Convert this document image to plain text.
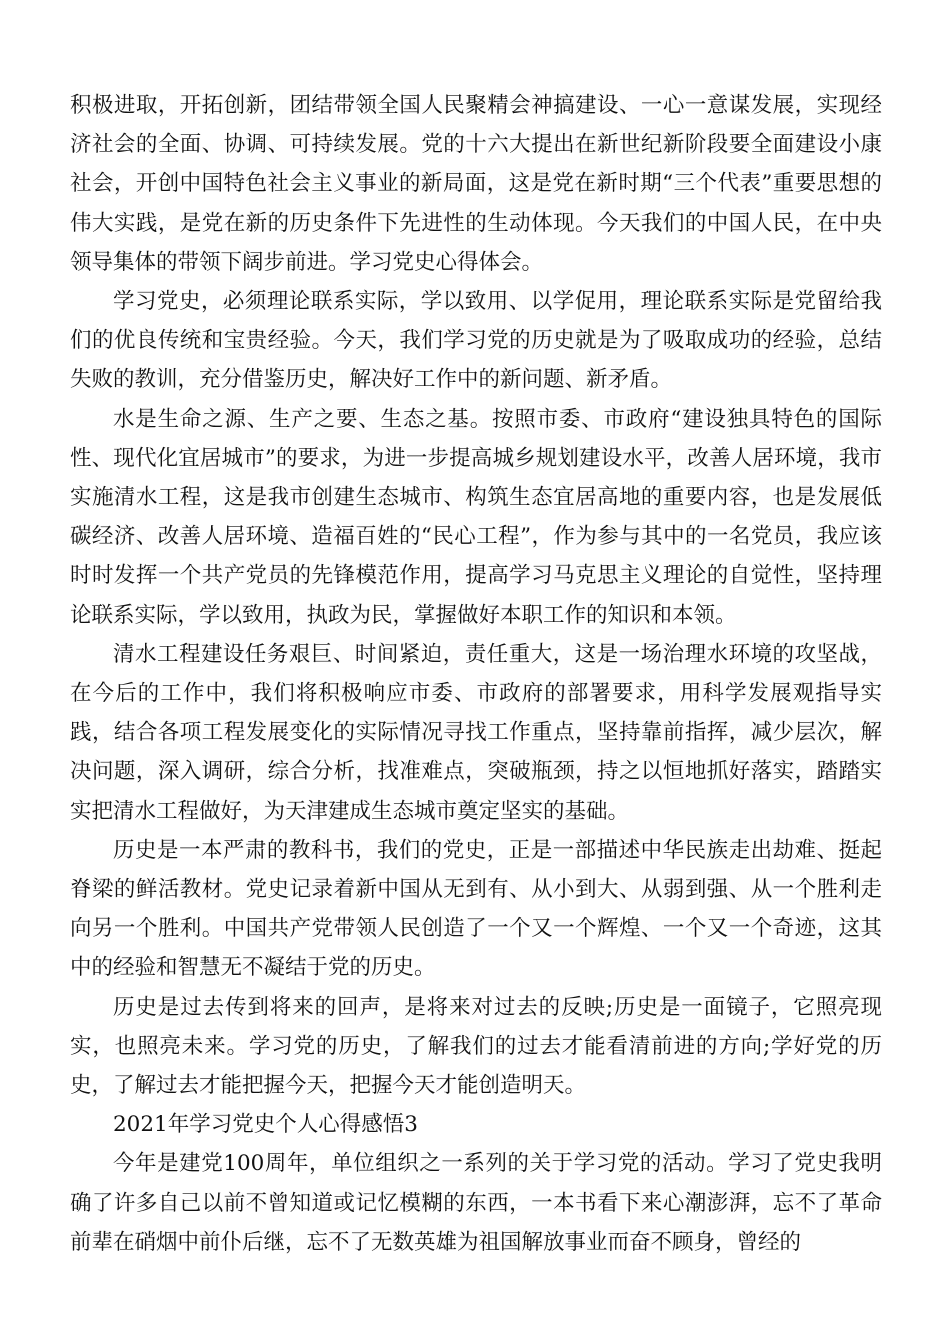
积极进取，开拓创新，团结带领全国人民聚精会神搞建设、一心一意谋发展，实现经济社会的全面、协调、可持续发展。党的十六大提出在新世纪新阶段要全面建设小康社会，开创中国特色社会主义事业的新局面，这是党在新时期“三个代表”重要思想的伟大实践，是党在新的历史条件下先进性的生动体现。今天我们的中国人民，在中央领导集体的带领下阔步前进。学习党史心得体会。

学习党史，必须理论联系实际，学以致用、以学促用，理论联系实际是党留给我们的优良传统和宝贵经验。今天，我们学习党的历史就是为了吸取成功的经验，总结失败的教训，充分借鉴历史，解决好工作中的新问题、新矛盾。

水是生命之源、生产之要、生态之基。按照市委、市政府“建设独具特色的国际性、现代化宜居城市”的要求，为进一步提高城乡规划建设水平，改善人居环境，我市实施清水工程，这是我市创建生态城市、构筑生态宜居高地的重要内容，也是发展低碳经济、改善人居环境、造福百姓的“民心工程”，作为参与其中的一名党员，我应该时时发挥一个共产党员的先锋模范作用，提高学习马克思主义理论的自觉性，坚持理论联系实际，学以致用，执政为民，掌握做好本职工作的知识和本领。

清水工程建设任务艰巨、时间紧迫，责任重大，这是一场治理水环境的攻坚战，在今后的工作中，我们将积极响应市委、市政府的部署要求，用科学发展观指导实践，结合各项工程发展变化的实际情况寻找工作重点，坚持靠前指挥，减少层次，解决问题，深入调研，综合分析，找准难点，突破瓶颈，持之以恒地抓好落实，踏踏实实把清水工程做好，为天津建成生态城市奠定坚实的基础。

历史是一本严肃的教科书，我们的党史，正是一部描述中华民族走出劫难、挺起脊梁的鲜活教材。党史记录着新中国从无到有、从小到大、从弱到强、从一个胜利走向另一个胜利。中国共产党带领人民创造了一个又一个辉煌、一个又一个奇迹，这其中的经验和智慧无不凝结于党的历史。

历史是过去传到将来的回声，是将来对过去的反映;历史是一面镜子，它照亮现实，也照亮未来。学习党的历史，了解我们的过去才能看清前进的方向;学好党的历史，了解过去才能把握今天，把握今天才能创造明天。

2021年学习党史个人心得感悟3

今年是建党100周年，单位组织之一系列的关于学习党的活动。学习了党史我明确了许多自己以前不曾知道或记忆模糊的东西，一本书看下来心潮澎湃，忘不了革命前辈在硝烟中前仆后继，忘不了无数英雄为祖国解放事业而奋不顾身，曾经的
